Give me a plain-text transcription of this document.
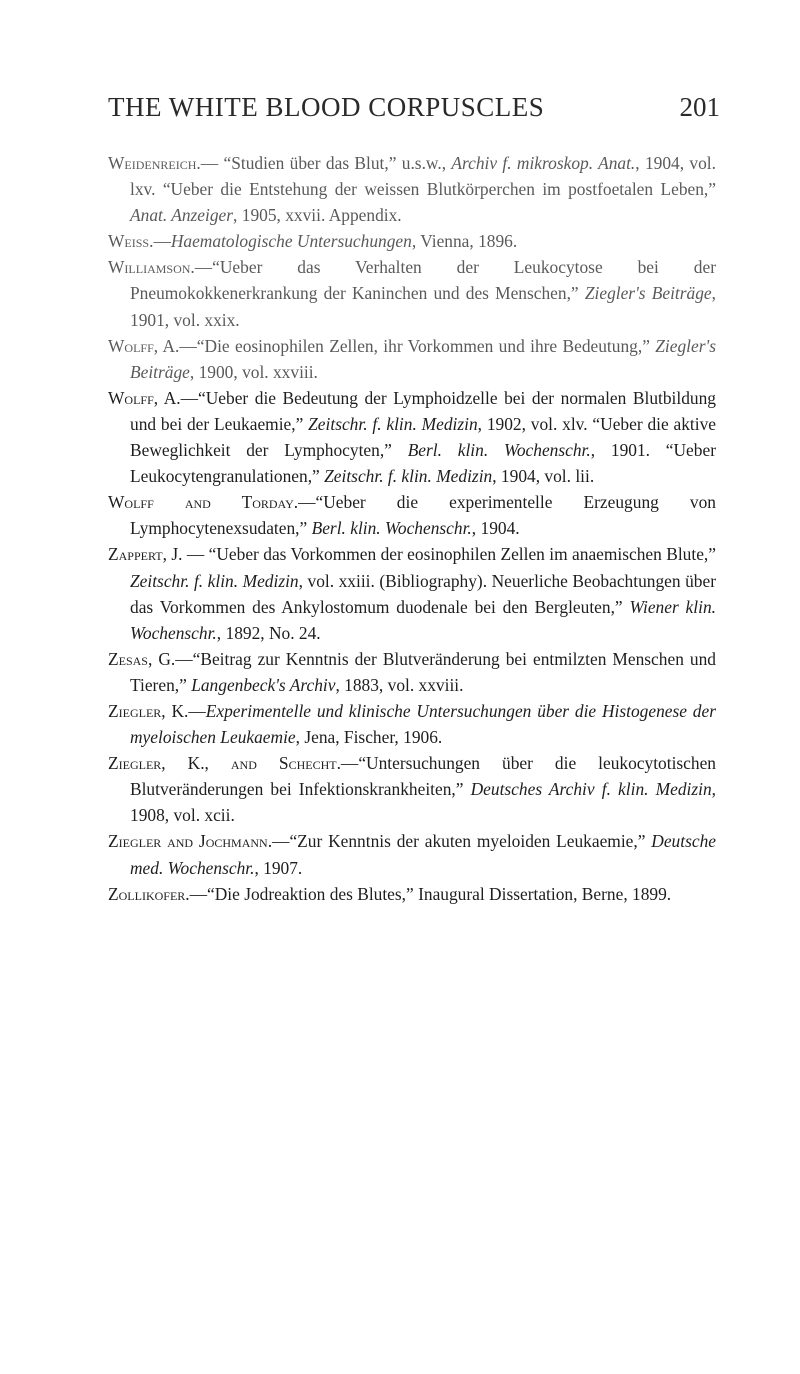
THE WHITE BLOOD CORPUSCLES	201

Weidenreich.— “Studien über das Blut,” u.s.w., Archiv f. mikroskop. Anat., 1904, vol. lxv. “Ueber die Entstehung der weissen Blutkörperchen im postfoetalen Leben,” Anat. Anzeiger, 1905, xxvii. Appendix.

Weiss.—Haematologische Untersuchungen, Vienna, 1896.

Williamson.—“Ueber das Verhalten der Leukocytose bei der Pneumokokkenerkrankung der Kaninchen und des Menschen,” Ziegler's Beiträge, 1901, vol. xxix.

Wolff, A.—“Die eosinophilen Zellen, ihr Vorkommen und ihre Bedeutung,” Ziegler's Beiträge, 1900, vol. xxviii.

Wolff, A.—“Ueber die Bedeutung der Lymphoidzelle bei der normalen Blutbildung und bei der Leukaemie,” Zeitschr. f. klin. Medizin, 1902, vol. xlv. “Ueber die aktive Beweglichkeit der Lymphocyten,” Berl. klin. Wochenschr., 1901. “Ueber Leukocytengranulationen,” Zeitschr. f. klin. Medizin, 1904, vol. lii.

Wolff and Torday.—“Ueber die experimentelle Erzeugung von Lymphocytenexsudaten,” Berl. klin. Wochenschr., 1904.

Zappert, J. — “Ueber das Vorkommen der eosinophilen Zellen im anaemischen Blute,” Zeitschr. f. klin. Medizin, vol. xxiii. (Bibliography). Neuerliche Beobachtungen über das Vorkommen des Ankylostomum duodenale bei den Bergleuten,” Wiener klin. Wochenschr., 1892, No. 24.

Zesas, G.—“Beitrag zur Kenntnis der Blutveränderung bei entmilzten Menschen und Tieren,” Langenbeck's Archiv, 1883, vol. xxviii.

Ziegler, K.—Experimentelle und klinische Untersuchungen über die Histogenese der myeloischen Leukaemie, Jena, Fischer, 1906.

Ziegler, K., and Schecht.—“Untersuchungen über die leukocytotischen Blutveränderungen bei Infektionskrankheiten,” Deutsches Archiv f. klin. Medizin, 1908, vol. xcii.

Ziegler and Jochmann.—“Zur Kenntnis der akuten myeloiden Leukaemie,” Deutsche med. Wochenschr., 1907.

Zollikofer.—“Die Jodreaktion des Blutes,” Inaugural Dissertation, Berne, 1899.
